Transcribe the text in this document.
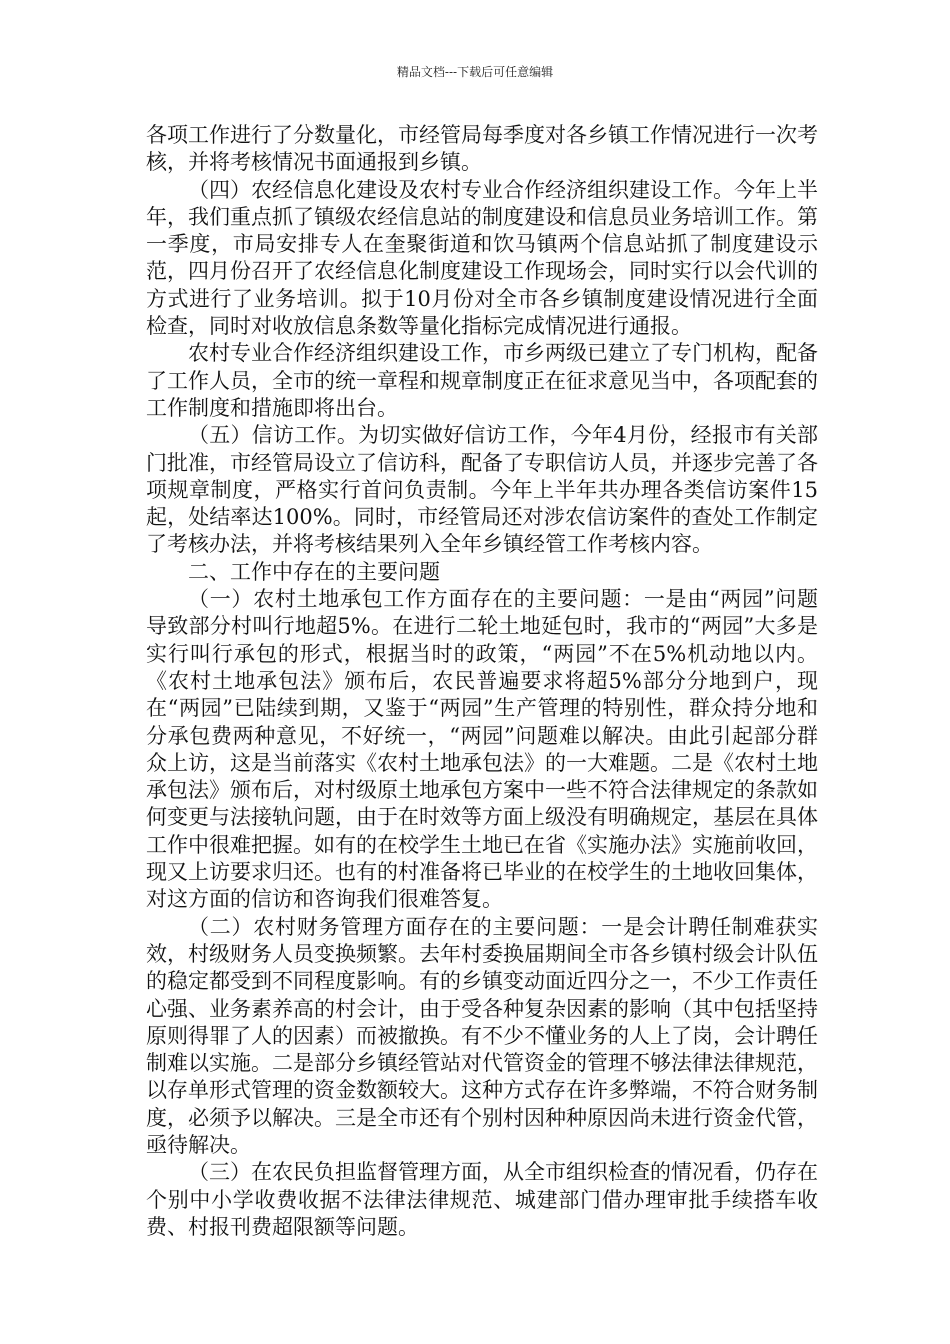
精品文档---下载后可任意编辑

各项工作进行了分数量化，市经管局每季度对各乡镇工作情况进行一次考核，并将考核情况书面通报到乡镇。

（四）农经信息化建设及农村专业合作经济组织建设工作。今年上半年，我们重点抓了镇级农经信息站的制度建设和信息员业务培训工作。第一季度，市局安排专人在奎聚街道和饮马镇两个信息站抓了制度建设示范，四月份召开了农经信息化制度建设工作现场会，同时实行以会代训的方式进行了业务培训。拟于10月份对全市各乡镇制度建设情况进行全面检查，同时对收放信息条数等量化指标完成情况进行通报。

农村专业合作经济组织建设工作，市乡两级已建立了专门机构，配备了工作人员，全市的统一章程和规章制度正在征求意见当中，各项配套的工作制度和措施即将出台。

（五）信访工作。为切实做好信访工作，今年4月份，经报市有关部门批准，市经管局设立了信访科，配备了专职信访人员，并逐步完善了各项规章制度，严格实行首问负责制。今年上半年共办理各类信访案件15起，处结率达100%。同时，市经管局还对涉农信访案件的查处工作制定了考核办法，并将考核结果列入全年乡镇经管工作考核内容。

二、工作中存在的主要问题

（一）农村土地承包工作方面存在的主要问题：一是由“两园”问题导致部分村叫行地超5%。在进行二轮土地延包时，我市的“两园”大多是实行叫行承包的形式，根据当时的政策，“两园”不在5%机动地以内。《农村土地承包法》颁布后，农民普遍要求将超5%部分分地到户，现在“两园”已陆续到期，又鉴于“两园”生产管理的特别性，群众持分地和分承包费两种意见，不好统一，“两园”问题难以解决。由此引起部分群众上访，这是当前落实《农村土地承包法》的一大难题。二是《农村土地承包法》颁布后，对村级原土地承包方案中一些不符合法律规定的条款如何变更与法接轨问题，由于在时效等方面上级没有明确规定，基层在具体工作中很难把握。如有的在校学生土地已在省《实施办法》实施前收回，现又上访要求归还。也有的村准备将已毕业的在校学生的土地收回集体，对这方面的信访和咨询我们很难答复。

（二）农村财务管理方面存在的主要问题：一是会计聘任制难获实效，村级财务人员变换频繁。去年村委换届期间全市各乡镇村级会计队伍的稳定都受到不同程度影响。有的乡镇变动面近四分之一，不少工作责任心强、业务素养高的村会计，由于受各种复杂因素的影响（其中包括坚持原则得罪了人的因素）而被撤换。有不少不懂业务的人上了岗，会计聘任制难以实施。二是部分乡镇经管站对代管资金的管理不够法律法律规范，以存单形式管理的资金数额较大。这种方式存在许多弊端，不符合财务制度，必须予以解决。三是全市还有个别村因种种原因尚未进行资金代管，亟待解决。

（三）在农民负担监督管理方面，从全市组织检查的情况看，仍存在个别中小学收费收据不法律法律规范、城建部门借办理审批手续搭车收费、村报刊费超限额等问题。
